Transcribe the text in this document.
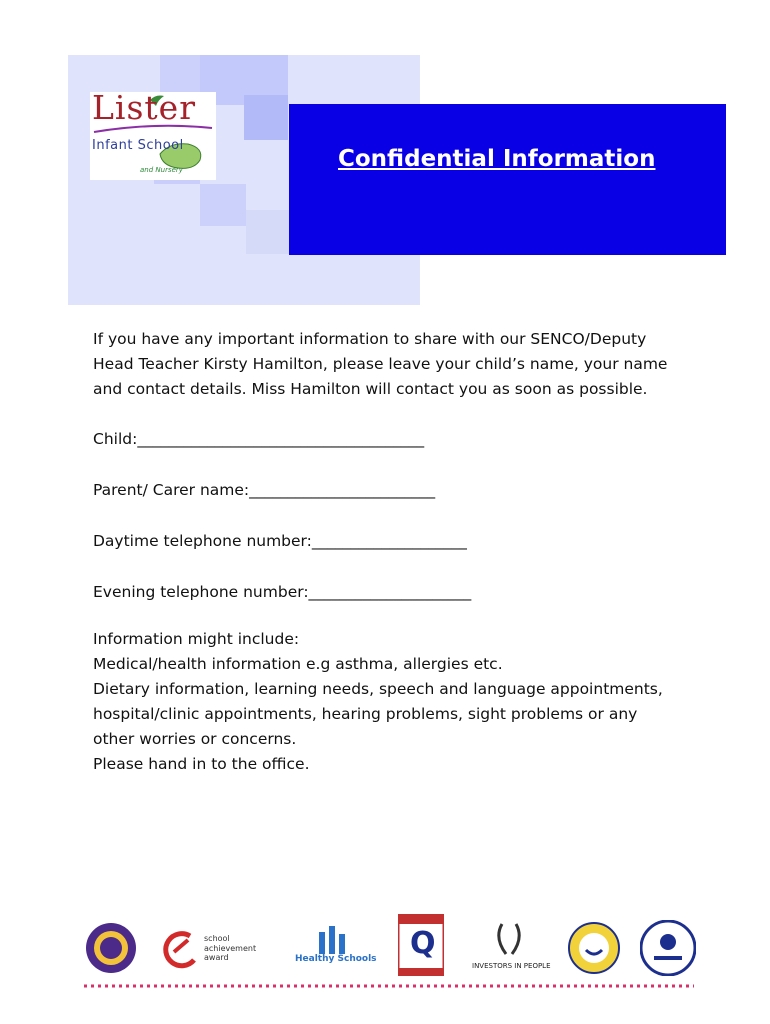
Lister
Infant School
and Nursery	Confidential Information
If you have any important information to share with our SENCO/Deputy
Head Teacher Kirsty Hamilton, please leave your child’s name, your name
and contact details. Miss Hamilton will contact you as soon as possible.
Child:_____________________________________
Parent/ Carer name:________________________
Daytime telephone number:____________________
Evening telephone number:_____________________
Information might include:
Medical/health information e.g asthma, allergies etc.
Dietary information, learning needs, speech and language appointments,
hospital/clinic appointments, hearing problems, sight problems or any
other worries or concerns.
Please hand in to the office.
school
achievement award	Healthy Schools Q
INVESTORS IN PEOPLE
